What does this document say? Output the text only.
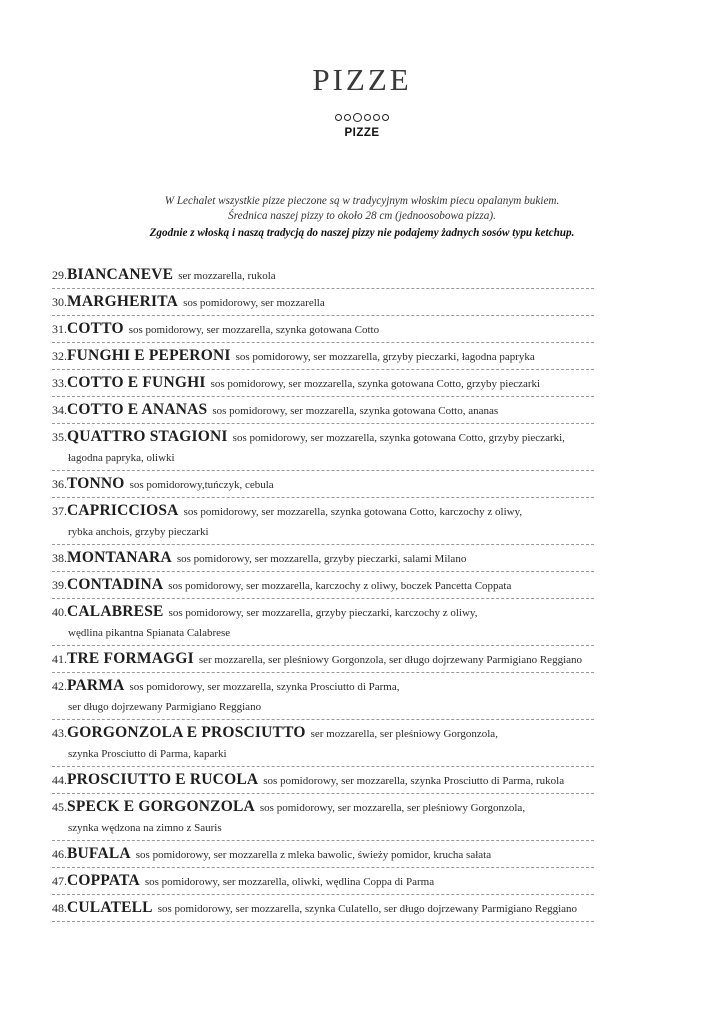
PIZZE
PIZZE
W Lechalet wszystkie pizze pieczone są w tradycyjnym włoskim piecu opalanym bukiem.
Średnica naszej pizzy to około 28 cm (jednoosobowa pizza).
Zgodnie z włoską i naszą tradycją do naszej pizzy nie podajemy żadnych sosów typu ketchup.
29.BIANCANEVE ser mozzarella, rukola
30.MARGHERITA sos pomidorowy, ser mozzarella
31.COTTO sos pomidorowy, ser mozzarella, szynka gotowana Cotto
32.FUNGHI E PEPERONI sos pomidorowy, ser mozzarella, grzyby pieczarki, łagodna papryka
33.COTTO E FUNGHI sos pomidorowy, ser mozzarella, szynka gotowana Cotto, grzyby pieczarki
34.COTTO E ANANAS sos pomidorowy, ser mozzarella, szynka gotowana Cotto, ananas
35.QUATTRO STAGIONI sos pomidorowy, ser mozzarella, szynka gotowana Cotto, grzyby pieczarki,
łagodna papryka, oliwki
36.TONNO sos pomidorowy,tuńczyk, cebula
37.CAPRICCIOSA sos pomidorowy, ser mozzarella, szynka gotowana Cotto, karczochy z oliwy,
rybka anchois, grzyby pieczarki
38.MONTANARA sos pomidorowy, ser mozzarella, grzyby pieczarki, salami Milano
39.CONTADINA sos pomidorowy, ser mozzarella, karczochy z oliwy, boczek Pancetta Coppata
40.CALABRESE sos pomidorowy, ser mozzarella, grzyby pieczarki, karczochy z oliwy,
wędlina pikantna Spianata Calabrese
41.TRE FORMAGGI ser mozzarella, ser pleśniowy Gorgonzola, ser długo dojrzewany Parmigiano Reggiano
42.PARMA sos pomidorowy, ser mozzarella, szynka Prosciutto di Parma,
ser długo dojrzewany Parmigiano Reggiano
43.GORGONZOLA E PROSCIUTTO ser mozzarella, ser pleśniowy Gorgonzola,
szynka Prosciutto di Parma, kaparki
44.PROSCIUTTO E RUCOLA sos pomidorowy, ser mozzarella, szynka Prosciutto di Parma, rukola
45.SPECK E GORGONZOLA sos pomidorowy, ser mozzarella, ser pleśniowy Gorgonzola,
szynka wędzona na zimno z Sauris
46.BUFALA sos pomidorowy, ser mozzarella z mleka bawolic, świeży pomidor, krucha sałata
47.COPPATA sos pomidorowy, ser mozzarella, oliwki, wędlina Coppa di Parma
48.CULATELL sos pomidorowy, ser mozzarella, szynka Culatello, ser długo dojrzewany Parmigiano Reggiano
